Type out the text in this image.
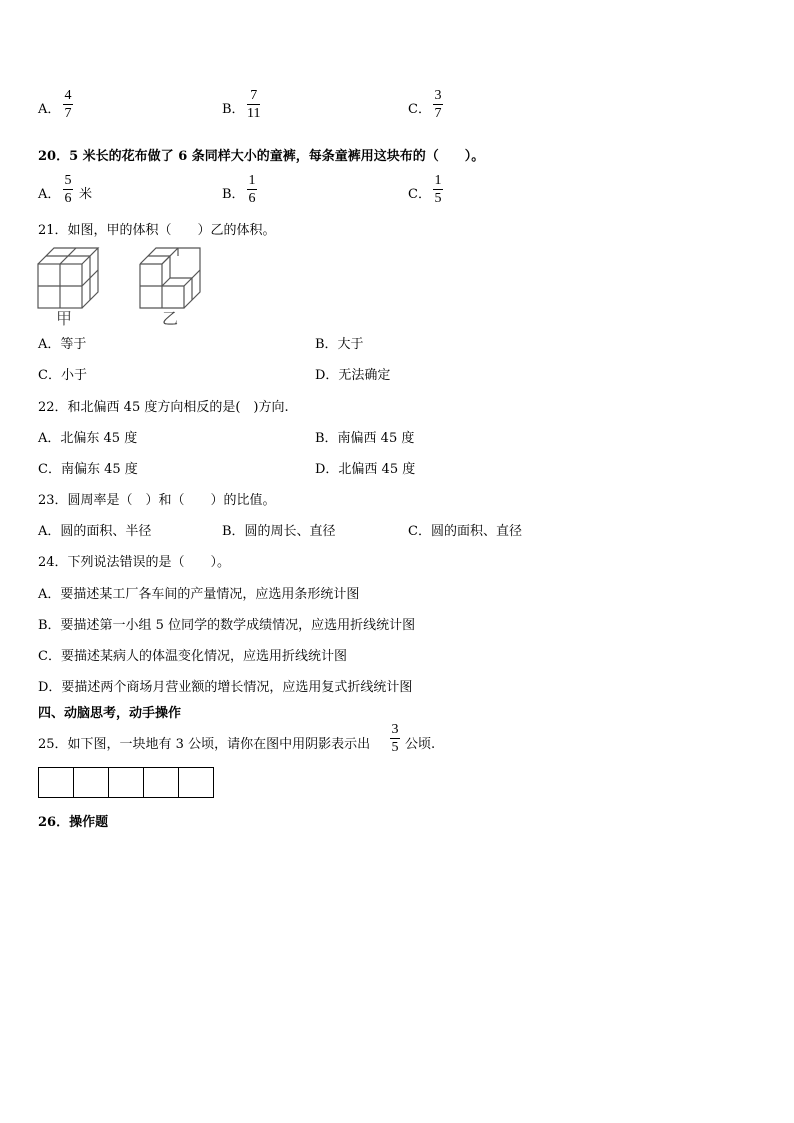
A．
4
7	B．
7
11	C．
3
7
20．5 米长的花布做了 6 条同样大小的童裤，每条童裤用这块布的（　　）。
A．
5
6 米	B．
1
6	C．
1
5
21．如图，甲的体积（　　）乙的体积。
甲	乙
A．等于	B．大于
C．小于	D．无法确定
22．和北偏西 45 度方向相反的是(　)方向.
A．北偏东 45 度	B．南偏西 45 度
C．南偏东 45 度	D．北偏西 45 度
23．圆周率是（　）和（　　）的比值。
A．圆的面积、半径	B．圆的周长、直径	C．圆的面积、直径
24．下列说法错误的是（　　）。
A．要描述某工厂各车间的产量情况，应选用条形统计图
B．要描述第一小组 5 位同学的数学成绩情况，应选用折线统计图
C．要描述某病人的体温变化情况，应选用折线统计图
D．要描述两个商场月营业额的增长情况，应选用复式折线统计图
四、动脑思考，动手操作
25．如下图，一块地有 3 公顷，请你在图中用阴影表示出
3
5 公顷.
26．操作题
